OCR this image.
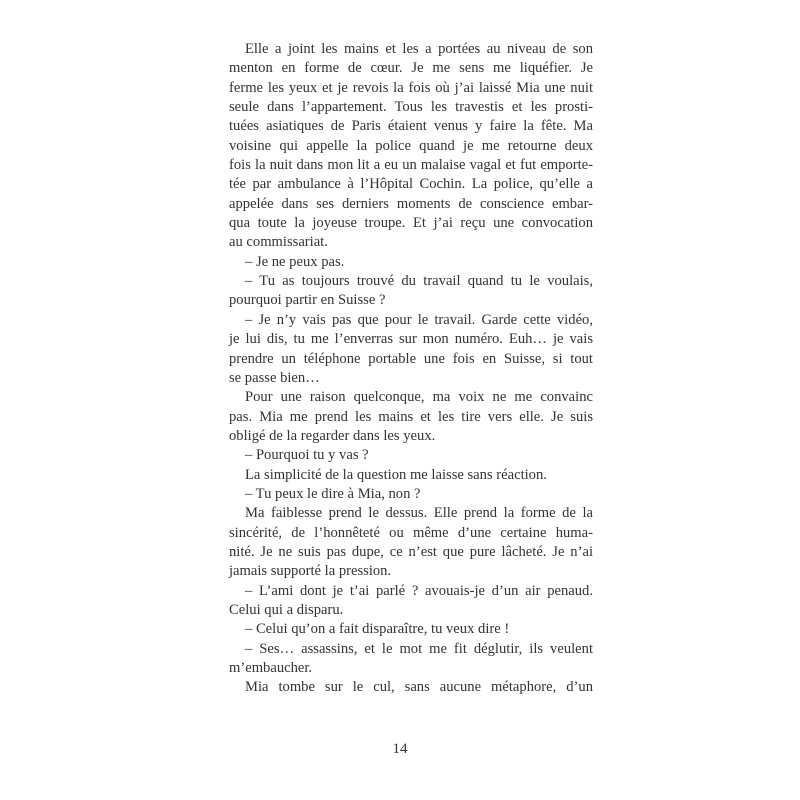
Elle a joint les mains et les a portées au niveau de son
menton en forme de cœur. Je me sens me liquéfier. Je
ferme les yeux et je revois la fois où j’ai laissé Mia une nuit
seule dans l’appartement. Tous les travestis et les prosti-
tuées asiatiques de Paris étaient venus y faire la fête. Ma
voisine qui appelle la police quand je me retourne deux
fois la nuit dans mon lit a eu un malaise vagal et fut emporte-
tée par ambulance à l’Hôpital Cochin. La police, qu’elle a
appelée dans ses derniers moments de conscience embar-
qua toute la joyeuse troupe. Et j’ai reçu une convocation
au commissariat.
– Je ne peux pas.
– Tu as toujours trouvé du travail quand tu le voulais,
pourquoi partir en Suisse ?
– Je n’y vais pas que pour le travail. Garde cette vidéo,
je lui dis, tu me l’enverras sur mon numéro. Euh… je vais
prendre un téléphone portable une fois en Suisse, si tout
se passe bien…
Pour une raison quelconque, ma voix ne me convainc
pas. Mia me prend les mains et les tire vers elle. Je suis
obligé de la regarder dans les yeux.
– Pourquoi tu y vas ?
La simplicité de la question me laisse sans réaction.
– Tu peux le dire à Mia, non ?
Ma faiblesse prend le dessus. Elle prend la forme de la
sincérité, de l’honnêteté ou même d’une certaine huma-
nité. Je ne suis pas dupe, ce n’est que pure lâcheté. Je n’ai
jamais supporté la pression.
– L’ami dont je t’ai parlé ? avouais-je d’un air penaud.
Celui qui a disparu.
– Celui qu’on a fait disparaître, tu veux dire !
– Ses… assassins, et le mot me fit déglutir, ils veulent
m’embaucher.
Mia tombe sur le cul, sans aucune métaphore, d’un
14
